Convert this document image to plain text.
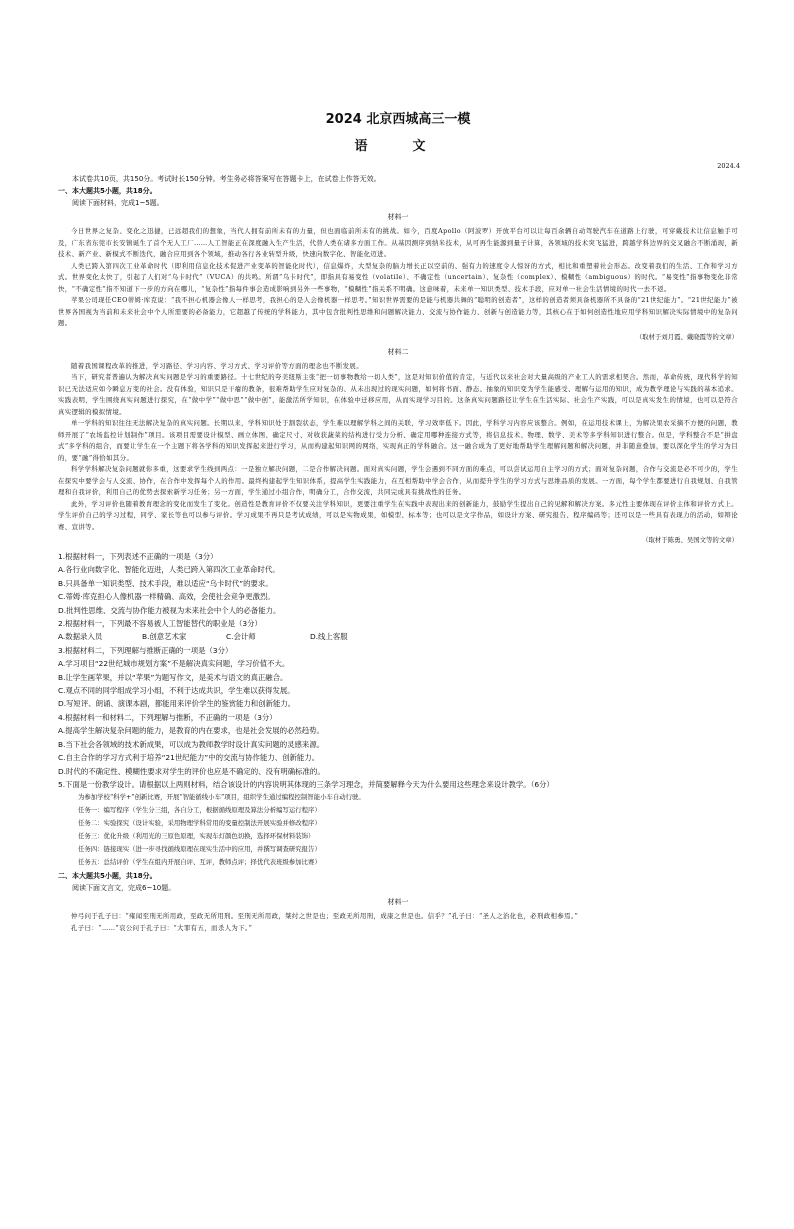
2024 北京西城高三一模
语　文
2024.4
本试卷共10页，共150分。考试时长150分钟。考生务必将答案写在答题卡上，在试卷上作答无效。
一、本大题共5小题，共18分。
阅读下面材料，完成1~5题。
材料一

今日世界之复杂、变化之迅捷，已远超我们的想象，当代人拥有前所未有的力量，但也面临前所未有的挑战。如今，百度Apollo（阿波罗）开放平台可以让每百余辆自动驾驶汽车在道路上行驶，可穿戴技术让信息触手可及，广东省东莞市长安镇诞生了首个无人工厂……人工智能正在深度融入生产生活，代替人类在诸多方面工作。从基因测序到纳米技术，从可再生能源到量子计算，各领域的技术突飞猛进，跨越学科边界的交叉融合不断涌现，新技术、新产业、新模式不断迭代，融合应用到各个领域，推动各行各业转型升级，快速向数字化、智能化迈进。

人类已跨入第四次工业革命时代（即利用信息化技术促进产业变革的智能化时代），信息爆炸，大型复杂的脑力增长正以空前的、强有力的速度令人惊讶的方式，相比和重塑着社会形态。改变着我们的生活、工作和学习方式。世界变化太快了，引起了人们对“乌卡时代”（VUCA）的共鸣。所谓“乌卡时代”，即指具有易变性（volatile）、不确定性（uncertain）、复杂性（complex）、模糊性（ambiguous）的时代。“易变性”指事物变化非常快，“不确定性”指不知道下一步的方向在哪儿，“复杂性”指每件事会造成影响到另外一些事物，“模糊性”指关系不明确。这意味着，未来单一知识类型、技术手段，应对单一社会生活情境的时代一去不返。

苹果公司现任CEO蒂姆·库克说：“我不担心机器会像人一样思考，我担心的是人会像机器一样思考。”知识世界需要的是能与机器共舞的“聪明的创造者”，这样的创造者须具备机器所不具备的“21世纪能力”。“21世纪能力”被世界各国视为当前和未来社会中个人所需要的必备能力，它超越了传统的学科能力，其中包含批判性思维和问题解决能力、交流与协作能力、创新与创造能力等，其核心在于如何创造性地应用学科知识解决实际情境中的复杂问题。

（取材于刘月霞、戴晓霞等的文章）
材料二

随着我国课程改革的推进，学习路径、学习内容、学习方式、学习评价等方面的理念也不断发展。

当下，研究者普遍认为解决真实问题是学习的重要路径。十七世纪的夸美纽斯主张“把一切事物教给一切人类”，这是对知识价值的肯定，与近代以来社会对大量高级的产业工人的需求相契合。然而，革命传统，现代科学的知识已无法适应如今瞬息万变的社会。没有体验，知识只是干瘪的教条，很难帮助学生应对复杂的、从未出现过的现实问题，如何将书面、静态、抽象的知识变为学生能感受、理解与运用的知识，成为教学理论与实践的基本追求。实践表明，学生围绕真实问题进行探究，在“做中学”“做中思”“做中创”，能激活所学知识，在体验中迁移应用，从而实现学习目的。这条真实问题路径让学生在生活实际、社会生产实践，可以是真实发生的情境，也可以是符合真实逻辑的模拟情境。

单一学科的知识往往无法解决复杂的真实问题。长期以来，学科知识处于割裂状态，学生难以理解学科之间的关联，学习效率低下。因此，学科学习内容应该整合。例如，在运用技术课上，为解决果农采摘不方便的问题，教师开展了“农场监控计划制作”项目。该项目需要设计模型、画立体图、确定尺寸、对收获蔬菜的结构进行受力分析、确定用哪种连接方式等，将信息技术、物理、数学、美术等多学科知识进行整合。但是，学科整合不是“拼盘式”多学科的组合，而要让学生在一个主题下将各学科的知识发挥起来进行学习，从而构建起知识网的网络，实现真正的学科融合。这一融合成为了更好地帮助学生理解问题和解决问题，并非随意叠加，要以深化学生的学习为目的，要“融”得恰如其分。

科学学科解决复杂问题就你多重，这要求学生线到两点：一是独立解决问题，二是合作解决问题。面对真实问题，学生会遇到不同方面的难点，可以尝试运用自主学习的方式；面对复杂问题，合作与交流是必不可少的，学生在探究中要学会与人交流、协作，在合作中发挥每个人的作用。最终构建起学生知识体系，提高学生实践能力，在互相帮助中学会合作，从而提升学生的学习方式与思维品质的发展。一方面，每个学生都要进行自我规划、自我管理和自我评价，利用自己的优势去探索新学习任务；另一方面，学生通过小组合作，明确分工，合作交流，共同完成具有挑战性的任务。

此外，学习评价也随着教育理念的变化而发生了变化。创造性是教育评价不仅要关注学科知识，更要注重学生在实践中表现出来的创新能力，鼓励学生提出自己的见解和解决方案。多元性主要体现在评价主体和评价方式上。学生评价自己的学习过程，同学、家长等也可以参与评价。学习成果不再只是考试成绩，可以是实物成果，如模型、标本等；也可以是文字作品，如设计方案、研究报告、程序编码等；还可以是一些具有表现力的活动，如辩论赛、宣讲等。

（取材于陈勇、吴国文等的文章）

1.根据材料一，下列表述不正确的一项是（3分）

A.各行业向数字化、智能化迈进，人类已跨入第四次工业革命时代。

B.只具备单一知识类型、技术手段，难以适应“乌卡时代”的要求。

C.蒂姆·库克担心人像机器一样精确、高效，会使社会竞争更激烈。

D.批判性思维、交流与协作能力被视为未来社会中个人的必备能力。

2.根据材料一，下列最不容易被人工智能替代的职业是（3分）

A.数据录入员	B.创意艺术家	C.会计师	D.线上客服

3.根据材料二，下列理解与推断正确的一项是（3分）

A.学习项目“22世纪城市规划方案”不是解决真实问题，学习价值不大。

B.让学生画苹果，并以“苹果”为题写作文，是美术与语文的真正融合。

C.观点不同的同学组成学习小组，不利于达成共识，学生难以获得发展。

D.写短评、朗诵、演课本剧，都能用来评价学生的鉴赏能力和创新能力。

4.根据材料一和材料二，下列理解与推断，不正确的一项是（3分）

A.提高学生解决复杂问题的能力，是教育的内在要求，也是社会发展的必然趋势。

B.当下社会各领域的技术新成果，可以成为教师教学时设计真实问题的灵感来源。

C.自主合作的学习方式利于培养“21世纪能力”中的交流与协作能力、创新能力。

D.时代的不确定性、模糊性要求对学生的评价也应是不确定的、没有明确标准的。

5.下面是一份教学设计。请根据以上两则材料，结合该设计的内容说明其体现的三条学习理念，并简要解释今天为什么要用这些理念来设计教学。（6分）

为参加学校“科学+”创新比赛，开展“智能循线小车”项目，组织学生通过编程控制智能小车自动行驶。

任务一：编写程序（学生分三组，各自分工，根据循线原理及算法分析编写运行程序）

任务二：实验探究（设计实验，采用物理学科常用的变量控制法开展实验并修改程序）

任务三：优化升级（利用光的三原色原理，实现车灯颜色切换，选择环保材料装饰）

任务四：链接现实（进一步寻找循线原理在现实生活中的应用，并撰写调查研究报告）

任务五：总结评价（学生在组内开展自评、互评，教师点评；择优代表班级参加比赛）

二、本大题共5小题，共18分。
阅读下面文言文，完成6~10题。
材料一

仲弓问于孔子曰：“雍闻至刑无所用政，至政无所用刑。至刑无所用政，桀纣之世是也；至政无所用刑，成康之世是也。信乎？”孔子曰：“圣人之治化也，必刑政相参焉。”

孔子曰：“……”哀公问于孔子曰：“大罪有五，而杀人为下。”
